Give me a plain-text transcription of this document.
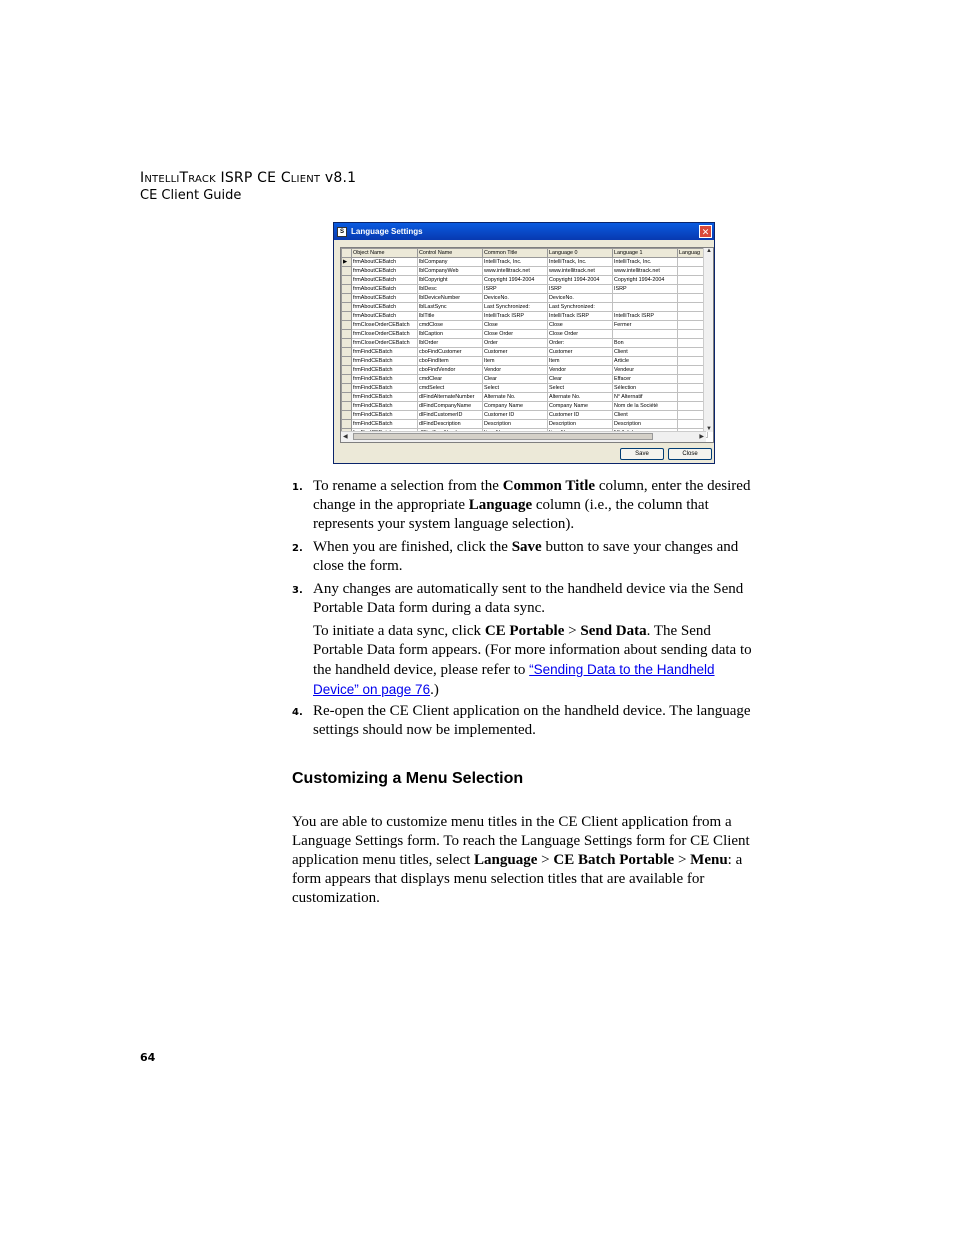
IntelliTrack ISRP CE Client v8.1
CE Client Guide
S Language Settings	✕
	Object Name	Control Name	Common Title	Language 0	Language 1	Languag
▶	frmAboutCEBatch	lblCompany	IntelliTrack, Inc.	IntelliTrack, Inc.	IntelliTrack, Inc.	
	frmAboutCEBatch	lblCompanyWeb	www.intellitrack.net	www.intellitrack.net	www.intellitrack.net	
	frmAboutCEBatch	lblCopyright	Copyright 1994-2004	Copyright 1994-2004	Copyright 1994-2004	
	frmAboutCEBatch	lblDesc	ISRP	ISRP	ISRP	
	frmAboutCEBatch	lblDeviceNumber	DeviceNo.	DeviceNo.		
	frmAboutCEBatch	lblLastSync	Last Synchronized:	Last Synchronized:		
	frmAboutCEBatch	lblTitle	IntelliTrack ISRP	IntelliTrack ISRP	IntelliTrack ISRP	
	frmCloseOrderCEBatch	cmdClose	Close	Close	Fermer	
	frmCloseOrderCEBatch	lblCaption	Close Order	Close Order		
	frmCloseOrderCEBatch	lblOrder	Order	Order:	Bon	
	frmFindCEBatch	cboFindCustomer	Customer	Customer	Client	
	frmFindCEBatch	cboFindItem	Item	Item	Article	
	frmFindCEBatch	cboFindVendor	Vendor	Vendor	Vendeur	
	frmFindCEBatch	cmdClear	Clear	Clear	Effacer	
	frmFindCEBatch	cmdSelect	Select	Select	Sélection	
	frmFindCEBatch	dlFindAlternateNumber	Alternate No.	Alternate No.	N° Alternatif	
	frmFindCEBatch	dlFindCompanyName	Company Name	Company Name	Nom de la Société	
	frmFindCEBatch	dlFindCustomerID	Customer ID	Customer ID	Client	
	frmFindCEBatch	dlFindDescription	Description	Description	Description	

▲
▼
◀	▶
Save	Close
1. To rename a selection from the Common Title column, enter the desired change in the appropriate Language column (i.e., the column that represents your system language selection).
2. When you are finished, click the Save button to save your changes and close the form.
3. Any changes are automatically sent to the handheld device via the Send Portable Data form during a data sync.
To initiate a data sync, click CE Portable > Send Data. The Send Portable Data form appears. (For more information about sending data to the handheld device, please refer to “Sending Data to the Handheld Device” on page 76.)
4. Re-open the CE Client application on the handheld device. The language settings should now be implemented.
Customizing a Menu Selection
You are able to customize menu titles in the CE Client application from a Language Settings form. To reach the Language Settings form for CE Client application menu titles, select Language > CE Batch Portable > Menu: a form appears that displays menu selection titles that are available for customization.
64
